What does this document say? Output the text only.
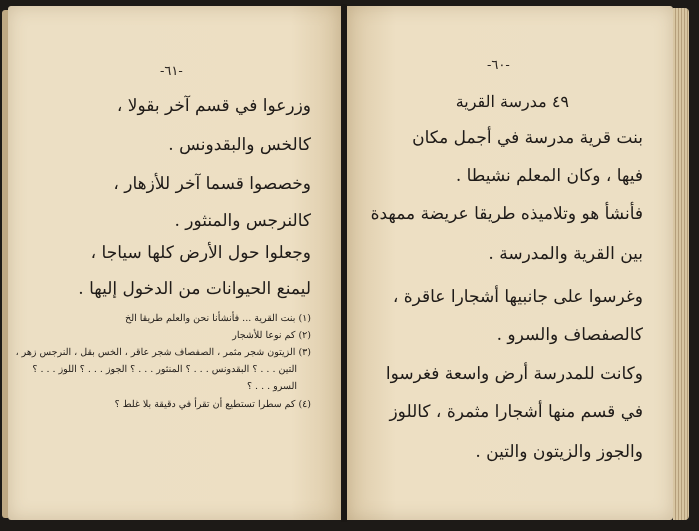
-٦١-
وزرعوا في قسم آخر بقولا ،
كالخس والبقدونس .
وخصصوا قسما آخر للأزهار ،
كالنرجس والمنثور .
وجعلوا حول الأرض كلها سياجا ،
ليمنع الحيوانات من الدخول إليها .
(١) بنت القرية ... فأنشأنا نحن والعلم طريقا الخ
(٢) كم نوعا للأشجار
(٣) الزيتون شجر مثمر ، الصفصاف شجر عاقر ، الخس بقل ، النرجس زهر ،
التين . . . ؟ البقدونس . . . ؟ المنثور . . . ؟ الجوز . . . ؟ اللوز . . . ؟
السرو . . . ؟
(٤) كم سطرا تستطيع أن تقرأ في دقيقة بلا غلط ؟
-٦٠-
٤٩ مدرسة القرية
بنت قرية مدرسة في أجمل مكان
فيها ، وكان المعلم نشيطا .
فأنشأ هو وتلاميذه طريقا عريضة ممهدة
بين القرية والمدرسة .
وغرسوا على جانبيها أشجارا عاقرة ،
كالصفصاف والسرو .
وكانت للمدرسة أرض واسعة فغرسوا
في قسم منها أشجارا مثمرة ، كاللوز
والجوز والزيتون والتين .
